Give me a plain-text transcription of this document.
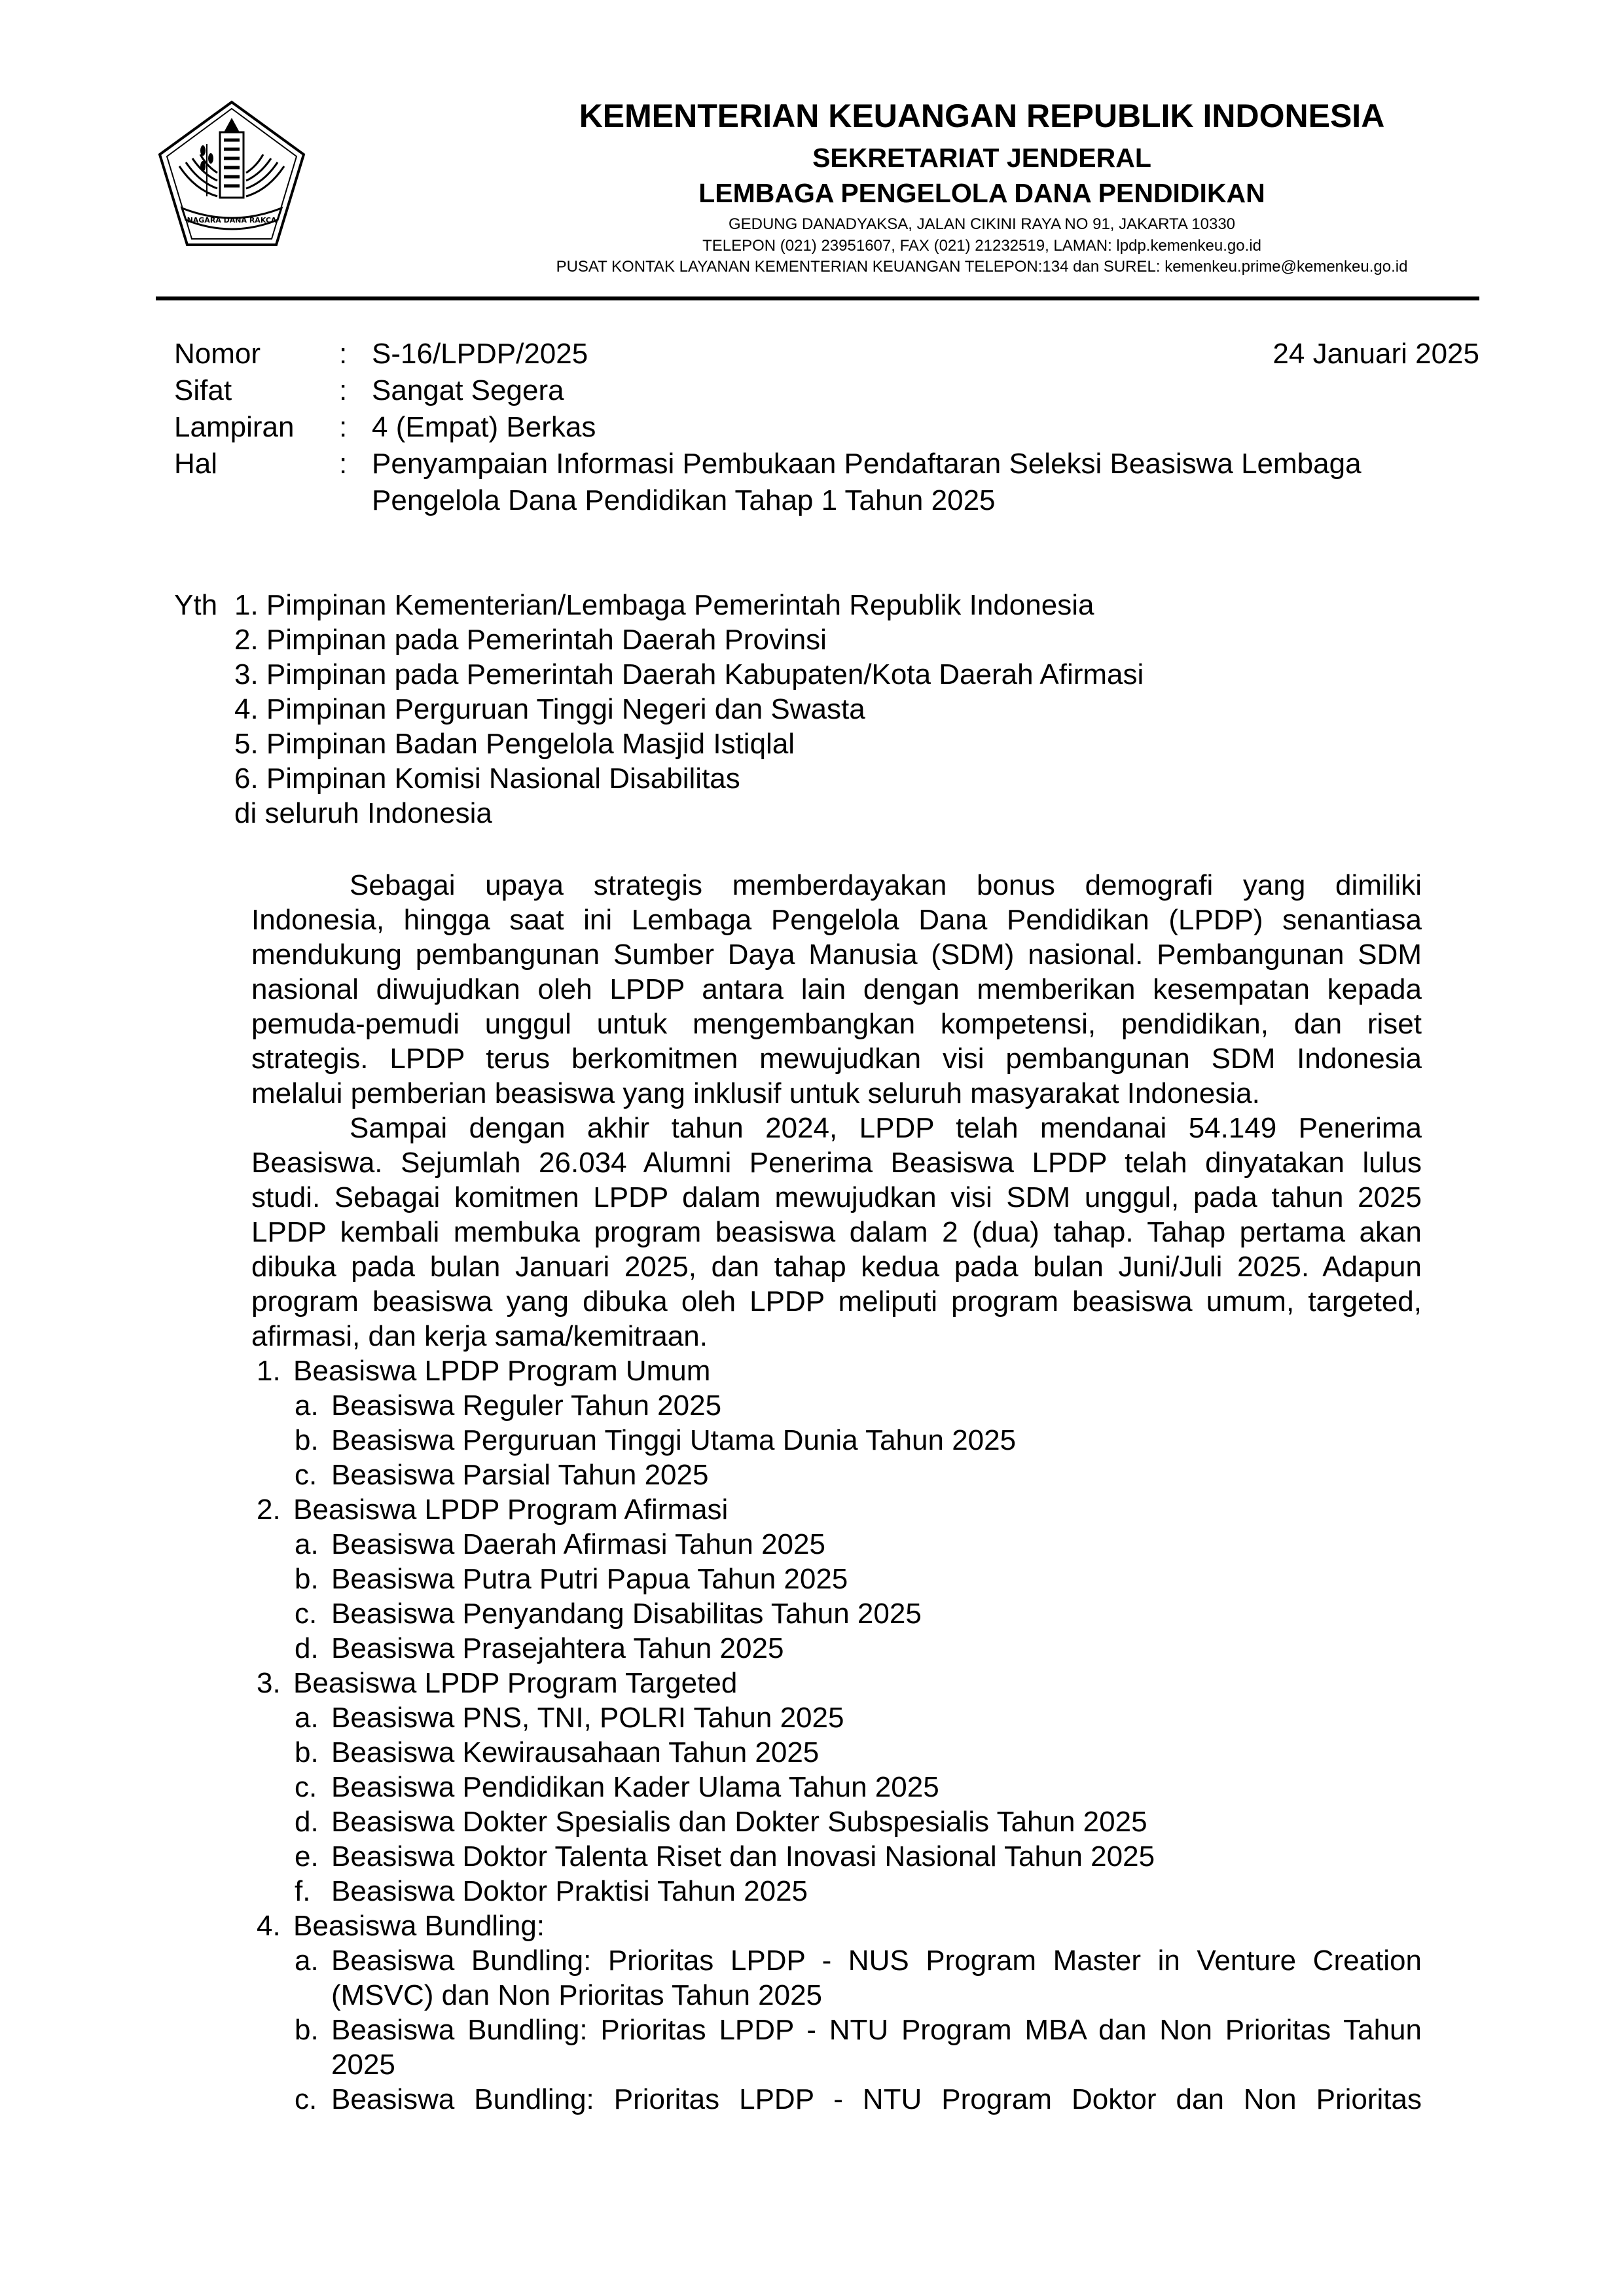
NAGARA DANA RAKCA
KEMENTERIAN KEUANGAN REPUBLIK INDONESIA
SEKRETARIAT JENDERAL
LEMBAGA PENGELOLA DANA PENDIDIKAN
GEDUNG DANADYAKSA, JALAN CIKINI RAYA NO 91, JAKARTA 10330
TELEPON (021) 23951607, FAX (021) 21232519, LAMAN: lpdp.kemenkeu.go.id
PUSAT KONTAK LAYANAN KEMENTERIAN KEUANGAN TELEPON:134 dan SUREL: kemenkeu.prime@kemenkeu.go.id
Nomor	: S-16/LPDP/2025	24 Januari 2025
Sifat	: Sangat Segera
Lampiran : 4 (Empat) Berkas
Hal	: Penyampaian Informasi Pembukaan Pendaftaran Seleksi Beasiswa Lembaga
Pengelola Dana Pendidikan Tahap 1 Tahun 2025
Yth 1. Pimpinan Kementerian/Lembaga Pemerintah Republik Indonesia
2. Pimpinan pada Pemerintah Daerah Provinsi
3. Pimpinan pada Pemerintah Daerah Kabupaten/Kota Daerah Afirmasi
4. Pimpinan Perguruan Tinggi Negeri dan Swasta
5. Pimpinan Badan Pengelola Masjid Istiqlal
6. Pimpinan Komisi Nasional Disabilitas
di seluruh Indonesia
Sebagai upaya strategis memberdayakan bonus demografi yang dimiliki
Indonesia, hingga saat ini Lembaga Pengelola Dana Pendidikan (LPDP) senantiasa
mendukung pembangunan Sumber Daya Manusia (SDM) nasional. Pembangunan SDM
nasional diwujudkan oleh LPDP antara lain dengan memberikan kesempatan kepada
pemuda-pemudi unggul untuk mengembangkan kompetensi, pendidikan, dan riset
strategis. LPDP terus berkomitmen mewujudkan visi pembangunan SDM Indonesia
melalui pemberian beasiswa yang inklusif untuk seluruh masyarakat Indonesia.
Sampai dengan akhir tahun 2024, LPDP telah mendanai 54.149 Penerima
Beasiswa. Sejumlah 26.034 Alumni Penerima Beasiswa LPDP telah dinyatakan lulus
studi. Sebagai komitmen LPDP dalam mewujudkan visi SDM unggul, pada tahun 2025
LPDP kembali membuka program beasiswa dalam 2 (dua) tahap. Tahap pertama akan
dibuka pada bulan Januari 2025, dan tahap kedua pada bulan Juni/Juli 2025. Adapun
program beasiswa yang dibuka oleh LPDP meliputi program beasiswa umum, targeted,
afirmasi, dan kerja sama/kemitraan.
1. Beasiswa LPDP Program Umum
a. Beasiswa Reguler Tahun 2025
b. Beasiswa Perguruan Tinggi Utama Dunia Tahun 2025
c. Beasiswa Parsial Tahun 2025
2. Beasiswa LPDP Program Afirmasi
a. Beasiswa Daerah Afirmasi Tahun 2025
b. Beasiswa Putra Putri Papua Tahun 2025
c. Beasiswa Penyandang Disabilitas Tahun 2025
d. Beasiswa Prasejahtera Tahun 2025
3. Beasiswa LPDP Program Targeted
a. Beasiswa PNS, TNI, POLRI Tahun 2025
b. Beasiswa Kewirausahaan Tahun 2025
c. Beasiswa Pendidikan Kader Ulama Tahun 2025
d. Beasiswa Dokter Spesialis dan Dokter Subspesialis Tahun 2025
e. Beasiswa Doktor Talenta Riset dan Inovasi Nasional Tahun 2025
f. Beasiswa Doktor Praktisi Tahun 2025
4. Beasiswa Bundling:
a. Beasiswa Bundling: Prioritas LPDP - NUS Program Master in Venture Creation
(MSVC) dan Non Prioritas Tahun 2025
b. Beasiswa Bundling: Prioritas LPDP - NTU Program MBA dan Non Prioritas Tahun
2025
c. Beasiswa Bundling: Prioritas LPDP - NTU Program Doktor dan Non Prioritas
